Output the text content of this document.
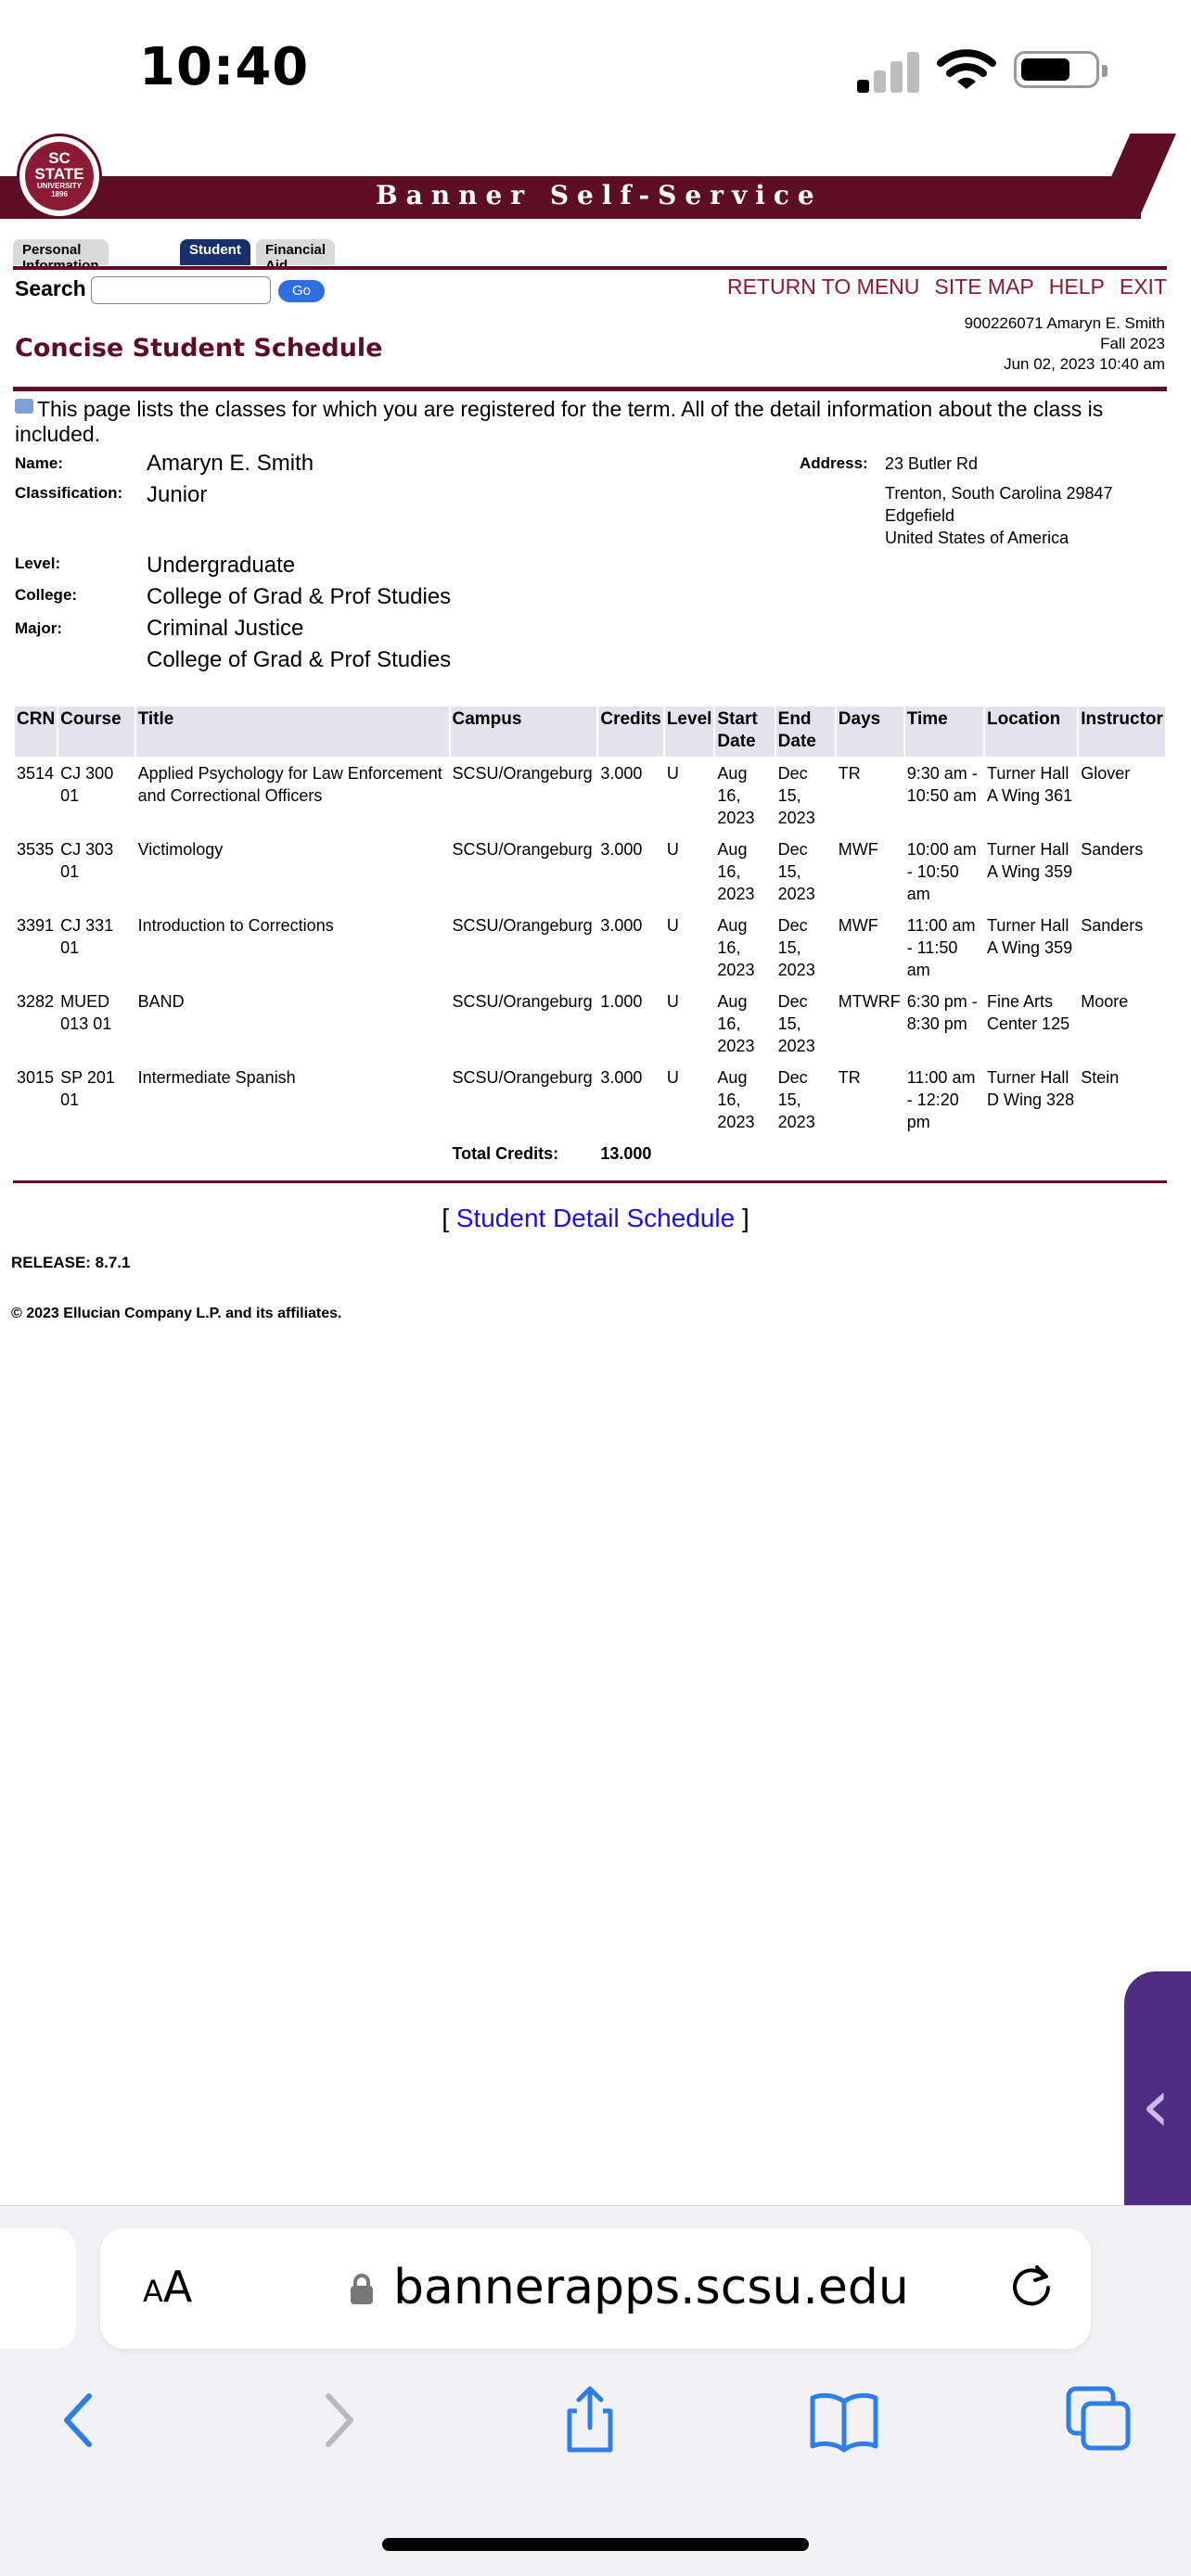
10:40
Banner Self-Service
SC
STATE
UNIVERSITY
1896
Personal	Student	Financial
Search	Go	RETURN TO MENU SITE MAP HELP EXIT
900226071 Amaryn E. Smith
Fall 2023
Jun 02, 2023 10:40 am
Concise Student Schedule
This page lists the classes for which you are registered for the term. All of the detail information about the class is included.
Name:	Amaryn E. Smith
Classification: Junior
Level:	Undergraduate
College:	College of Grad & Prof Studies
Major:	Criminal Justice
College of Grad & Prof Studies
Address: 23 Butler Rd
Trenton, South Carolina 29847
Edgefield
United States of America
CRN	Course	Title	Campus	Credits	Level	Start Date	End Date	Days	Time	Location	Instructor
3514	CJ 300 01	Applied Psychology for Law Enforcement and Correctional Officers	SCSU/Orangeburg	3.000	U	Aug 16, 2023	Dec 15, 2023	TR	9:30 am - 10:50 am	Turner Hall A Wing 361	Glover
3535	CJ 303 01	Victimology	SCSU/Orangeburg	3.000	U	Aug 16, 2023	Dec 15, 2023	MWF	10:00 am - 10:50 am	Turner Hall A Wing 359	Sanders
3391	CJ 331 01	Introduction to Corrections	SCSU/Orangeburg	3.000	U	Aug 16, 2023	Dec 15, 2023	MWF	11:00 am - 11:50 am	Turner Hall A Wing 359	Sanders
3282	MUED 013 01	BAND	SCSU/Orangeburg	1.000	U	Aug 16, 2023	Dec 15, 2023	MTWRF	6:30 pm - 8:30 pm	Fine Arts Center 125	Moore
3015	SP 201 01	Intermediate Spanish	SCSU/Orangeburg	3.000	U	Aug 16, 2023	Dec 15, 2023	TR	11:00 am - 12:20 pm	Turner Hall D Wing 328	Stein
			Total Credits:	13.000							
[ Student Detail Schedule ]
RELEASE: 8.7.1
© 2023 Ellucian Company L.P. and its affiliates.
‹
AA	bannerapps.scsu.edu
